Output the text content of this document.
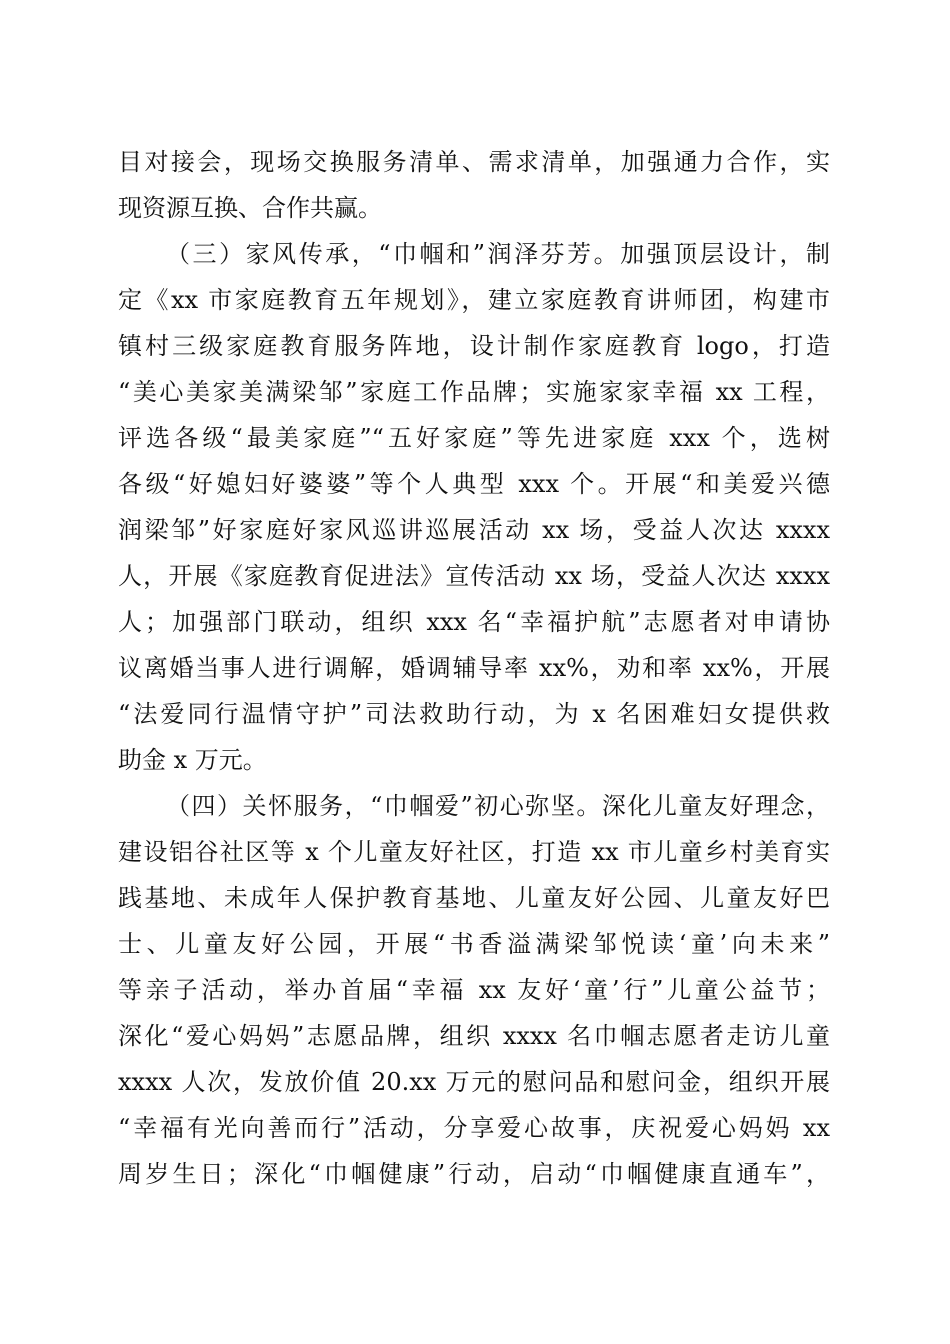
目对接会，现场交换服务清单、需求清单，加强通力合作，实
现资源互换、合作共赢。
（三）家风传承，“巾帼和”润泽芬芳。加强顶层设计，制
定《xx 市家庭教育五年规划》，建立家庭教育讲师团，构建市
镇村三级家庭教育服务阵地，设计制作家庭教育 logo，打造
“美心美家美满梁邹”家庭工作品牌；实施家家幸福 xx 工程，
评选各级“最美家庭”“五好家庭”等先进家庭 xxx 个，选树
各级“好媳妇好婆婆”等个人典型 xxx 个。开展“和美爱兴德
润梁邹”好家庭好家风巡讲巡展活动 xx 场，受益人次达 xxxx
人，开展《家庭教育促进法》宣传活动 xx 场，受益人次达 xxxx
人；加强部门联动，组织 xxx 名“幸福护航”志愿者对申请协
议离婚当事人进行调解，婚调辅导率 xx%，劝和率 xx%，开展
“法爱同行温情守护”司法救助行动，为 x 名困难妇女提供救
助金 x 万元。
（四）关怀服务，“巾帼爱”初心弥坚。深化儿童友好理念，
建设铝谷社区等 x 个儿童友好社区，打造 xx 市儿童乡村美育实
践基地、未成年人保护教育基地、儿童友好公园、儿童友好巴
士、儿童友好公园，开展“书香溢满梁邹悦读‘童’向未来”
等亲子活动，举办首届“幸福 xx 友好‘童’行”儿童公益节；
深化“爱心妈妈”志愿品牌，组织 xxxx 名巾帼志愿者走访儿童
xxxx 人次，发放价值 20.xx 万元的慰问品和慰问金，组织开展
“幸福有光向善而行”活动，分享爱心故事，庆祝爱心妈妈 xx
周岁生日；深化“巾帼健康”行动，启动“巾帼健康直通车”，
